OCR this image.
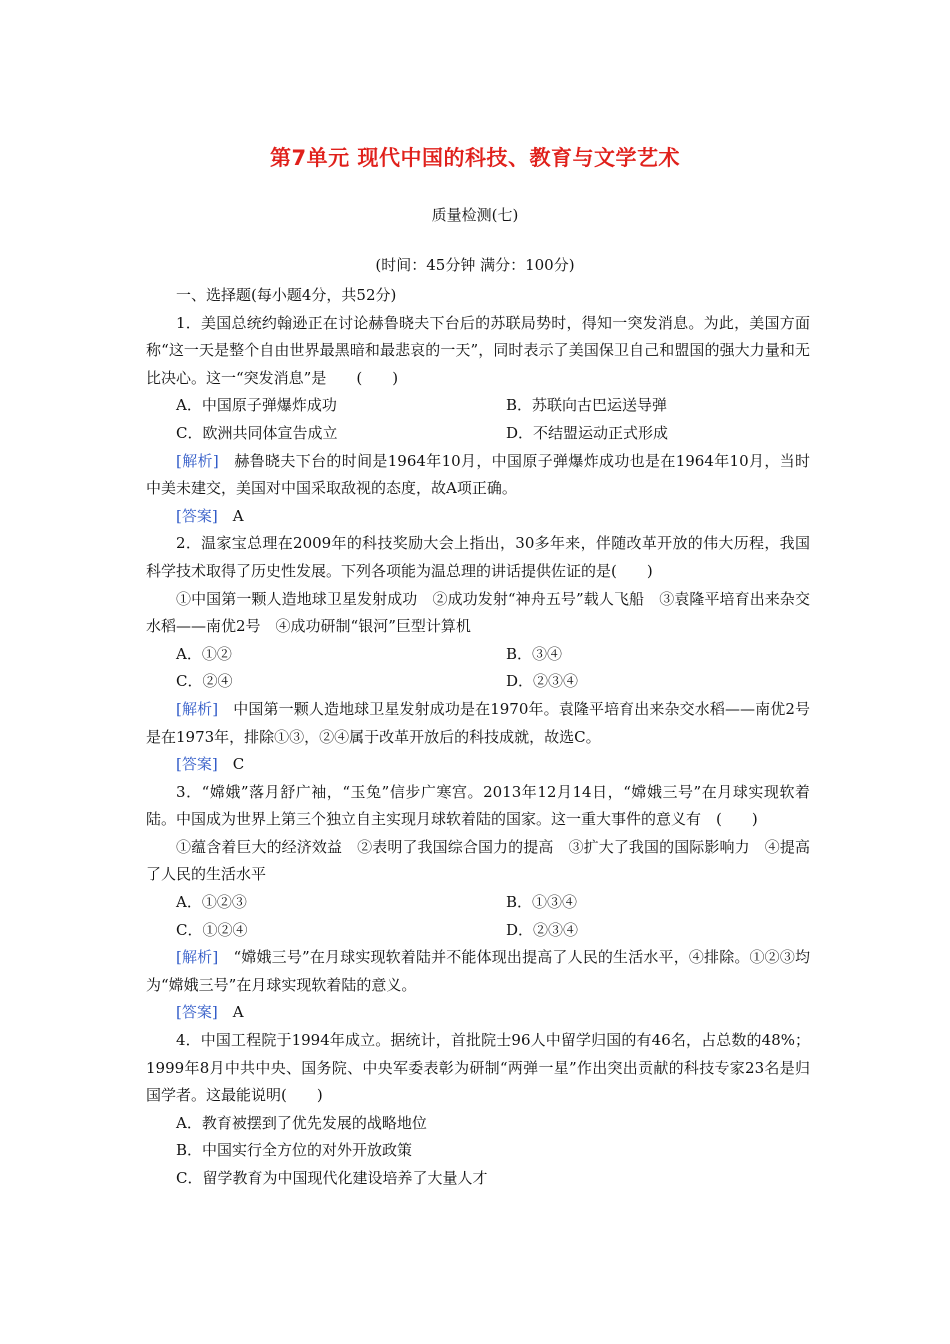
第7单元 现代中国的科技、教育与文学艺术
质量检测(七)
(时间：45分钟 满分：100分)

一、选择题(每小题4分，共52分)

1．美国总统约翰逊正在讨论赫鲁晓夫下台后的苏联局势时，得知一突发消息。为此，美国方面称“这一天是整个自由世界最黑暗和最悲哀的一天”，同时表示了美国保卫自己和盟国的强大力量和无比决心。这一“突发消息”是　　(　　)

A．中国原子弹爆炸成功	B．苏联向古巴运送导弹
C．欧洲共同体宣告成立	D．不结盟运动正式形成

[解析]　赫鲁晓夫下台的时间是1964年10月，中国原子弹爆炸成功也是在1964年10月，当时中美未建交，美国对中国采取敌视的态度，故A项正确。

[答案]　A

2．温家宝总理在2009年的科技奖励大会上指出，30多年来，伴随改革开放的伟大历程，我国科学技术取得了历史性发展。下列各项能为温总理的讲话提供佐证的是(　　)

①中国第一颗人造地球卫星发射成功　②成功发射“神舟五号”载人飞船　③袁隆平培育出来杂交水稻——南优2号　④成功研制“银河”巨型计算机

A．①②	B．③④
C．②④	D．②③④

[解析]　中国第一颗人造地球卫星发射成功是在1970年。袁隆平培育出来杂交水稻——南优2号是在1973年，排除①③，②④属于改革开放后的科技成就，故选C。

[答案]　C

3．“嫦娥”落月舒广袖，“玉兔”信步广寒宫。2013年12月14日，“嫦娥三号”在月球实现软着陆。中国成为世界上第三个独立自主实现月球软着陆的国家。这一重大事件的意义有　(　　)

①蕴含着巨大的经济效益　②表明了我国综合国力的提高　③扩大了我国的国际影响力　④提高了人民的生活水平

A．①②③	B．①③④
C．①②④	D．②③④

[解析]　“嫦娥三号”在月球实现软着陆并不能体现出提高了人民的生活水平，④排除。①②③均为“嫦娥三号”在月球实现软着陆的意义。

[答案]　A

4．中国工程院于1994年成立。据统计，首批院士96人中留学归国的有46名，占总数的48%；1999年8月中共中央、国务院、中央军委表彰为研制“两弹一星”作出突出贡献的科技专家23名是归国学者。这最能说明(　　)

A．教育被摆到了优先发展的战略地位

B．中国实行全方位的对外开放政策

C．留学教育为中国现代化建设培养了大量人才
